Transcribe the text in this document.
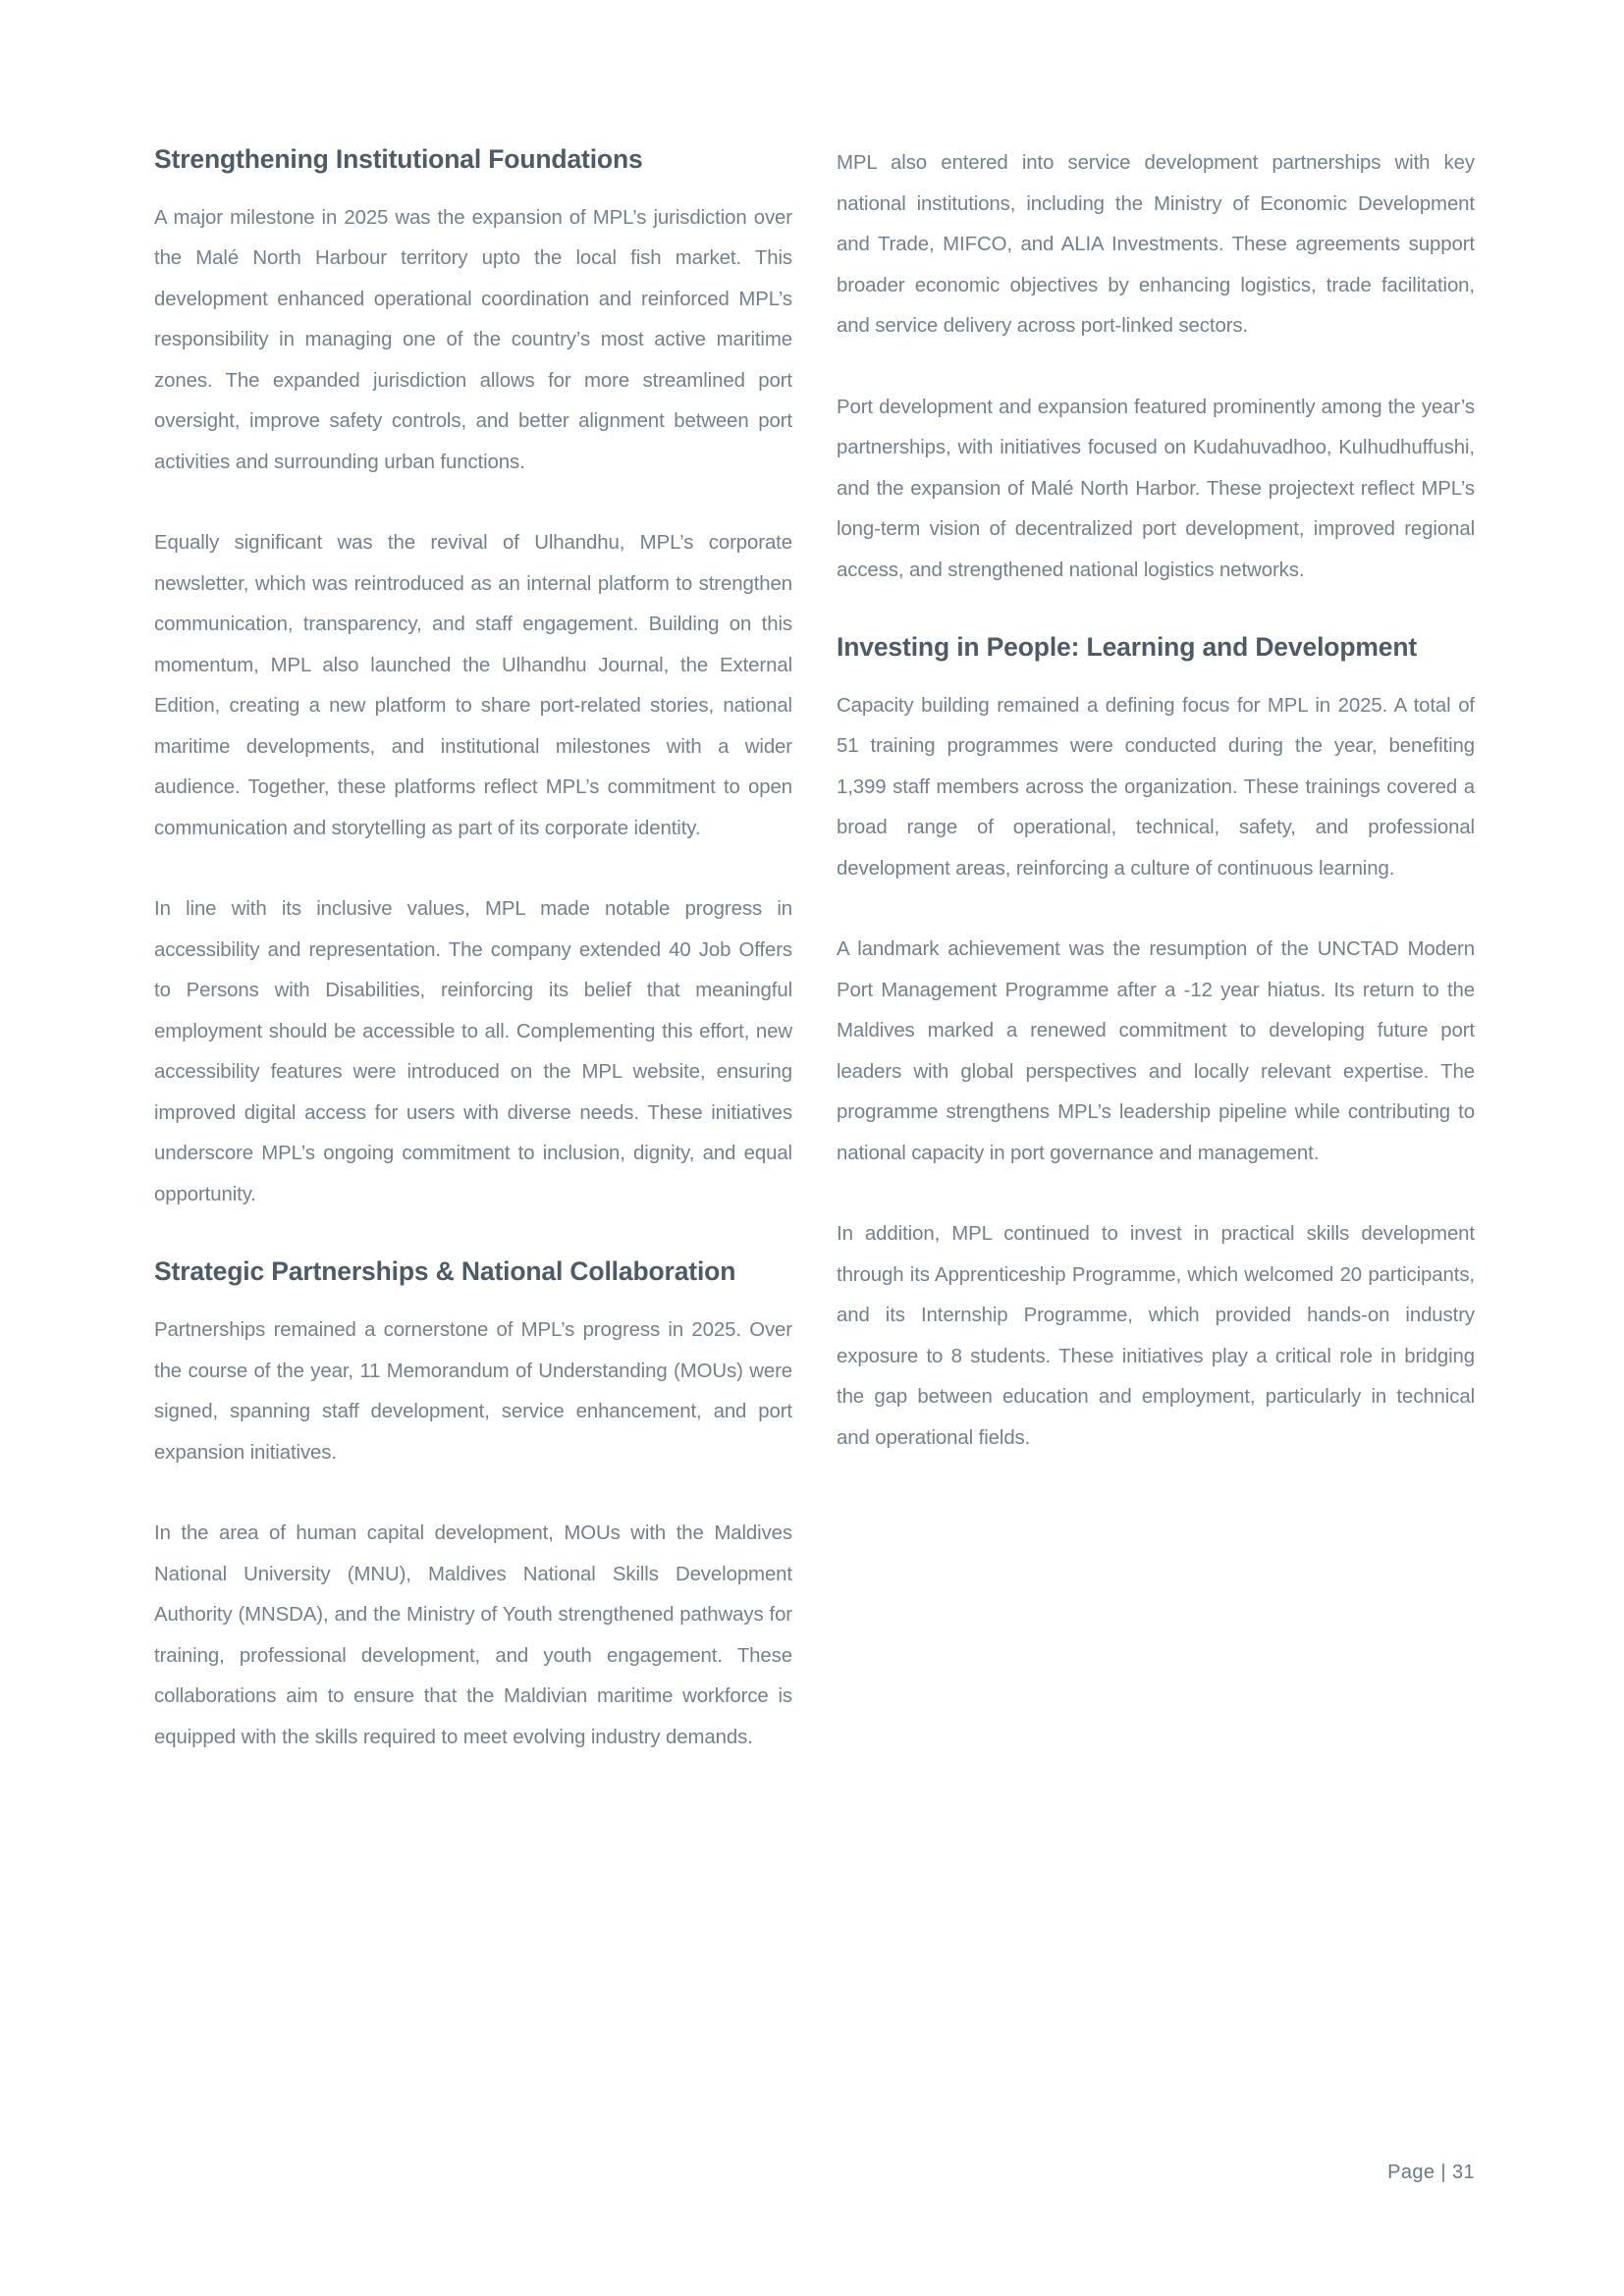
Strengthening Institutional Foundations

A major milestone in 2025 was the expansion of MPL’s jurisdiction over the Malé North Harbour territory upto the local fish market. This development enhanced operational coordination and reinforced MPL’s responsibility in managing one of the country’s most active maritime zones. The expanded jurisdiction allows for more streamlined port oversight, improve safety controls, and better alignment between port activities and surrounding urban functions.

Equally significant was the revival of Ulhandhu, MPL’s corporate newsletter, which was reintroduced as an internal platform to strengthen communication, transparency, and staff engagement. Building on this momentum, MPL also launched the Ulhandhu Journal, the External Edition, creating a new platform to share port-related stories, national maritime developments, and institutional milestones with a wider audience. Together, these platforms reflect MPL’s commitment to open communication and storytelling as part of its corporate identity.

In line with its inclusive values, MPL made notable progress in accessibility and representation. The company extended 40 Job Offers to Persons with Disabilities, reinforcing its belief that meaningful employment should be accessible to all. Complementing this effort, new accessibility features were introduced on the MPL website, ensuring improved digital access for users with diverse needs. These initiatives underscore MPL’s ongoing commitment to inclusion, dignity, and equal opportunity.

Strategic Partnerships & National Collaboration

Partnerships remained a cornerstone of MPL’s progress in 2025. Over the course of the year, 11 Memorandum of Understanding (MOUs) were signed, spanning staff development, service enhancement, and port expansion initiatives.

In the area of human capital development, MOUs with the Maldives National University (MNU), Maldives National Skills Development Authority (MNSDA), and the Ministry of Youth strengthened pathways for training, professional development, and youth engagement. These collaborations aim to ensure that the Maldivian maritime workforce is equipped with the skills required to meet evolving industry demands.

MPL also entered into service development partnerships with key national institutions, including the Ministry of Economic Development and Trade, MIFCO, and ALIA Investments. These agreements support broader economic objectives by enhancing logistics, trade facilitation, and service delivery across port-linked sectors.

Port development and expansion featured prominently among the year’s partnerships, with initiatives focused on Kudahuvadhoo, Kulhudhuffushi, and the expansion of Malé North Harbor. These projectext reflect MPL’s long-term vision of decentralized port development, improved regional access, and strengthened national logistics networks.

Investing in People: Learning and Development

Capacity building remained a defining focus for MPL in 2025. A total of 51 training programmes were conducted during the year, benefiting 1,399 staff members across the organization. These trainings covered a broad range of operational, technical, safety, and professional development areas, reinforcing a culture of continuous learning.

A landmark achievement was the resumption of the UNCTAD Modern Port Management Programme after a -12 year hiatus. Its return to the Maldives marked a renewed commitment to developing future port leaders with global perspectives and locally relevant expertise. The programme strengthens MPL’s leadership pipeline while contributing to national capacity in port governance and management.

In addition, MPL continued to invest in practical skills development through its Apprenticeship Programme, which welcomed 20 participants, and its Internship Programme, which provided hands-on industry exposure to 8 students. These initiatives play a critical role in bridging the gap between education and employment, particularly in technical and operational fields.

Page | 31
